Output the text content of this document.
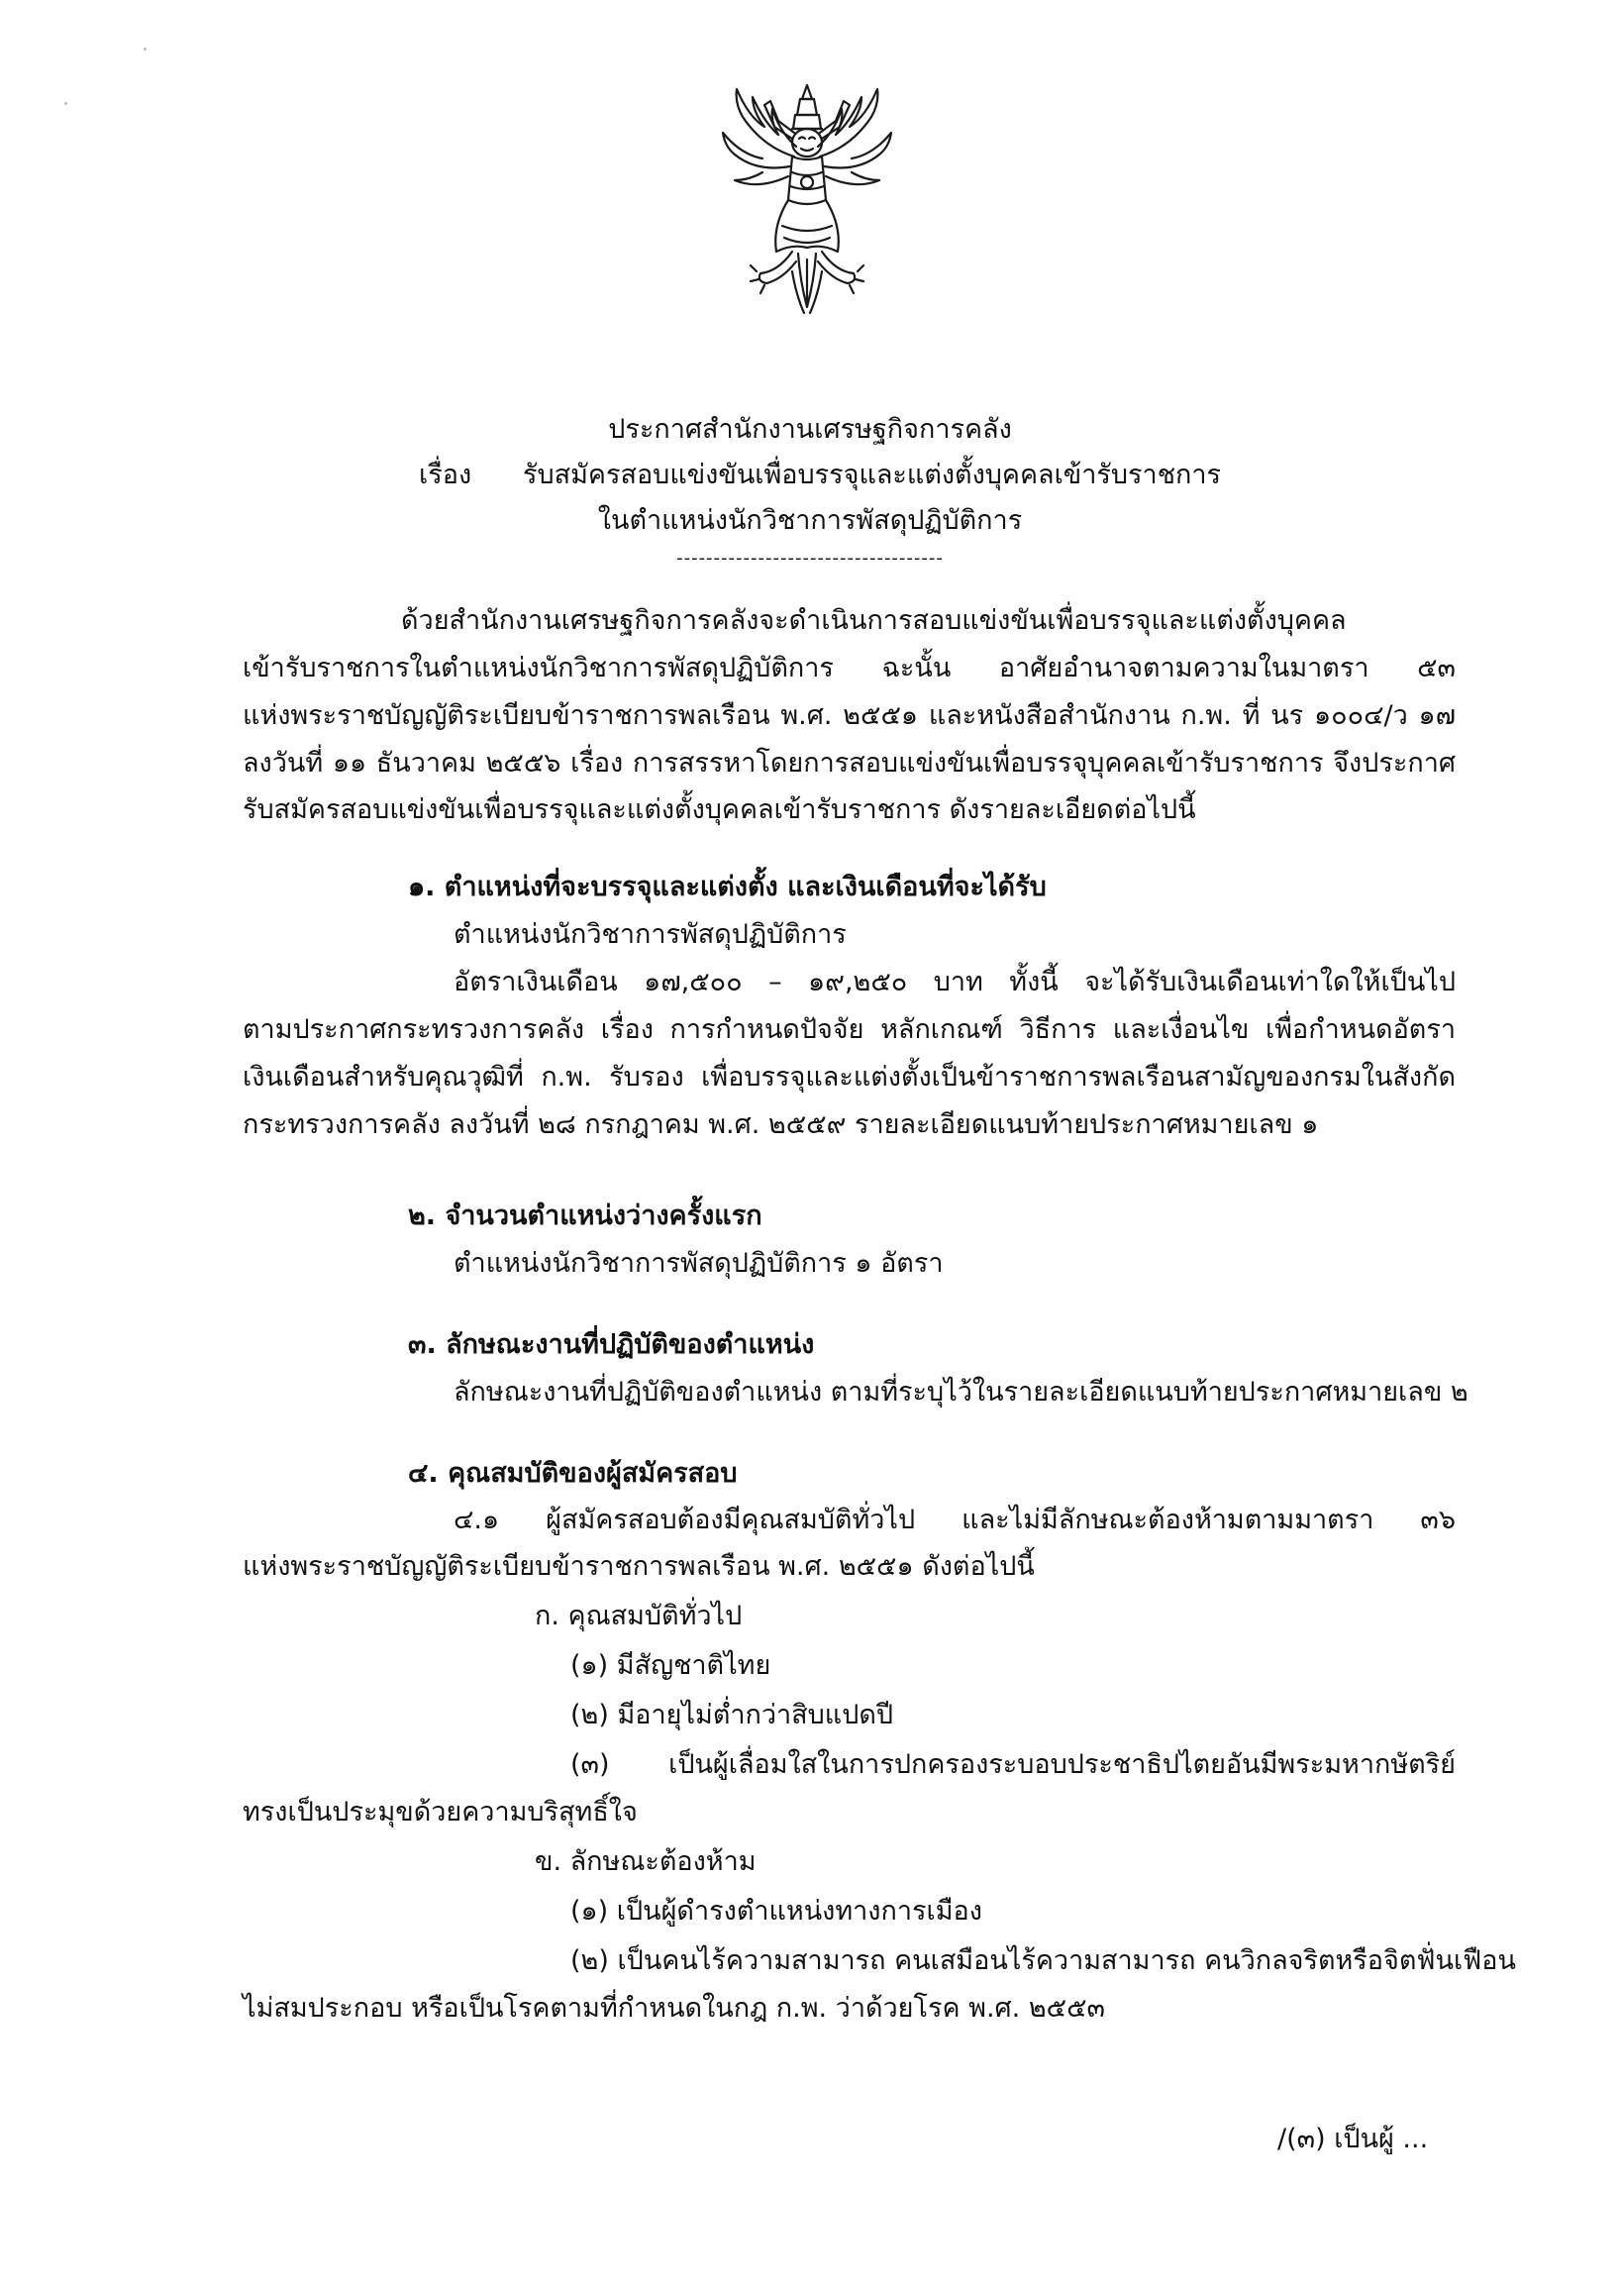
ประกาศสำนักงานเศรษฐกิจการคลัง
เรื่อง รับสมัครสอบแข่งขันเพื่อบรรจุและแต่งตั้งบุคคลเข้ารับราชการ
ในตำแหน่งนักวิชาการพัสดุปฏิบัติการ
------------------------------------
ด้วยสำนักงานเศรษฐกิจการคลังจะดำเนินการสอบแข่งขันเพื่อบรรจุและแต่งตั้งบุคคล
เข้ารับราชการในตำแหน่งนักวิชาการพัสดุปฏิบัติการ ฉะนั้น อาศัยอำนาจตามความในมาตรา ๕๓
แห่งพระราชบัญญัติระเบียบข้าราชการพลเรือน พ.ศ. ๒๕๕๑ และหนังสือสำนักงาน ก.พ. ที่ นร ๑๐๐๔/ว ๑๗
ลงวันที่ ๑๑ ธันวาคม ๒๕๕๖ เรื่อง การสรรหาโดยการสอบแข่งขันเพื่อบรรจุบุคคลเข้ารับราชการ จึงประกาศ
รับสมัครสอบแข่งขันเพื่อบรรจุและแต่งตั้งบุคคลเข้ารับราชการ ดังรายละเอียดต่อไปนี้
๑. ตำแหน่งที่จะบรรจุและแต่งตั้ง และเงินเดือนที่จะได้รับ
ตำแหน่งนักวิชาการพัสดุปฏิบัติการ
อัตราเงินเดือน ๑๗,๕๐๐ – ๑๙,๒๕๐ บาท ทั้งนี้ จะได้รับเงินเดือนเท่าใดให้เป็นไป
ตามประกาศกระทรวงการคลัง เรื่อง การกำหนดปัจจัย หลักเกณฑ์ วิธีการ และเงื่อนไข เพื่อกำหนดอัตรา
เงินเดือนสำหรับคุณวุฒิที่ ก.พ. รับรอง เพื่อบรรจุและแต่งตั้งเป็นข้าราชการพลเรือนสามัญของกรมในสังกัด
กระทรวงการคลัง ลงวันที่ ๒๘ กรกฎาคม พ.ศ. ๒๕๕๙ รายละเอียดแนบท้ายประกาศหมายเลข ๑
๒. จำนวนตำแหน่งว่างครั้งแรก
ตำแหน่งนักวิชาการพัสดุปฏิบัติการ ๑ อัตรา
๓. ลักษณะงานที่ปฏิบัติของตำแหน่ง
ลักษณะงานที่ปฏิบัติของตำแหน่ง ตามที่ระบุไว้ในรายละเอียดแนบท้ายประกาศหมายเลข ๒
๔. คุณสมบัติของผู้สมัครสอบ
๔.๑ ผู้สมัครสอบต้องมีคุณสมบัติทั่วไป และไม่มีลักษณะต้องห้ามตามมาตรา ๓๖
แห่งพระราชบัญญัติระเบียบข้าราชการพลเรือน พ.ศ. ๒๕๕๑ ดังต่อไปนี้
ก. คุณสมบัติทั่วไป
(๑) มีสัญชาติไทย
(๒) มีอายุไม่ต่ำกว่าสิบแปดปี
(๓) เป็นผู้เลื่อมใสในการปกครองระบอบประชาธิปไตยอันมีพระมหากษัตริย์
ทรงเป็นประมุขด้วยความบริสุทธิ์ใจ
ข. ลักษณะต้องห้าม
(๑) เป็นผู้ดำรงตำแหน่งทางการเมือง
(๒) เป็นคนไร้ความสามารถ คนเสมือนไร้ความสามารถ คนวิกลจริตหรือจิตฟั่นเฟือน
ไม่สมประกอบ หรือเป็นโรคตามที่กำหนดในกฎ ก.พ. ว่าด้วยโรค พ.ศ. ๒๕๕๓
/(๓) เป็นผู้ ...
